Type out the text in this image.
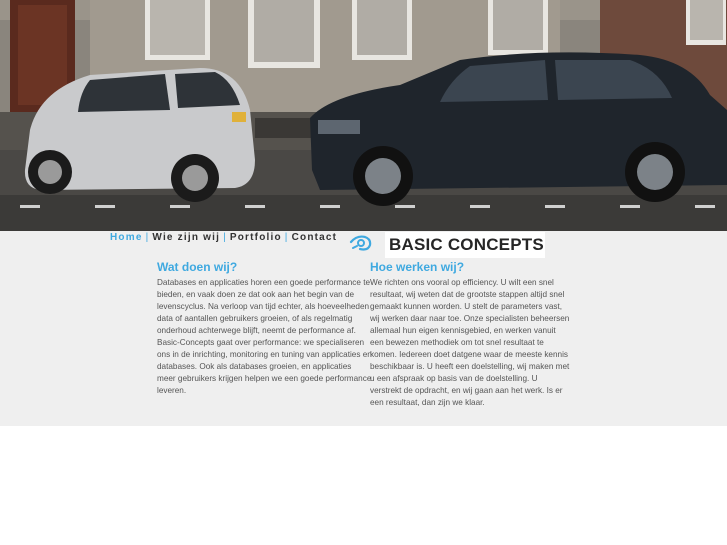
Home | Wie zijn wij | Portfolio | Contact	BASIC CONCEPTS
Wat doen wij?

Databases en applicaties horen een goede performance te bieden, en vaak doen ze dat ook aan het begin van de levenscyclus. Na verloop van tijd echter, als hoeveelheden data of aantallen gebruikers groeien, of als regelmatig onderhoud achterwege blijft, neemt de performance af. Basic-Concepts gaat over performance: we specialiseren ons in de inrichting, monitoring en tuning van applicaties en databases. Ook als databases groeien, en applicaties meer gebruikers krijgen helpen we een goede performance leveren.

Hoe werken wij?

We richten ons vooral op efficiency. U wilt een snel resultaat, wij weten dat de grootste stappen altijd snel gemaakt kunnen worden. U stelt de parameters vast, wij werken daar naar toe. Onze specialisten beheersen allemaal hun eigen kennisgebied, en werken vanuit een bewezen methodiek om tot snel resultaat te komen. Iedereen doet datgene waar de meeste kennis beschikbaar is. U heeft een doelstelling, wij maken met u een afspraak op basis van de doelstelling. U verstrekt de opdracht, en wij gaan aan het werk. Is er een resultaat, dan zijn we klaar.
